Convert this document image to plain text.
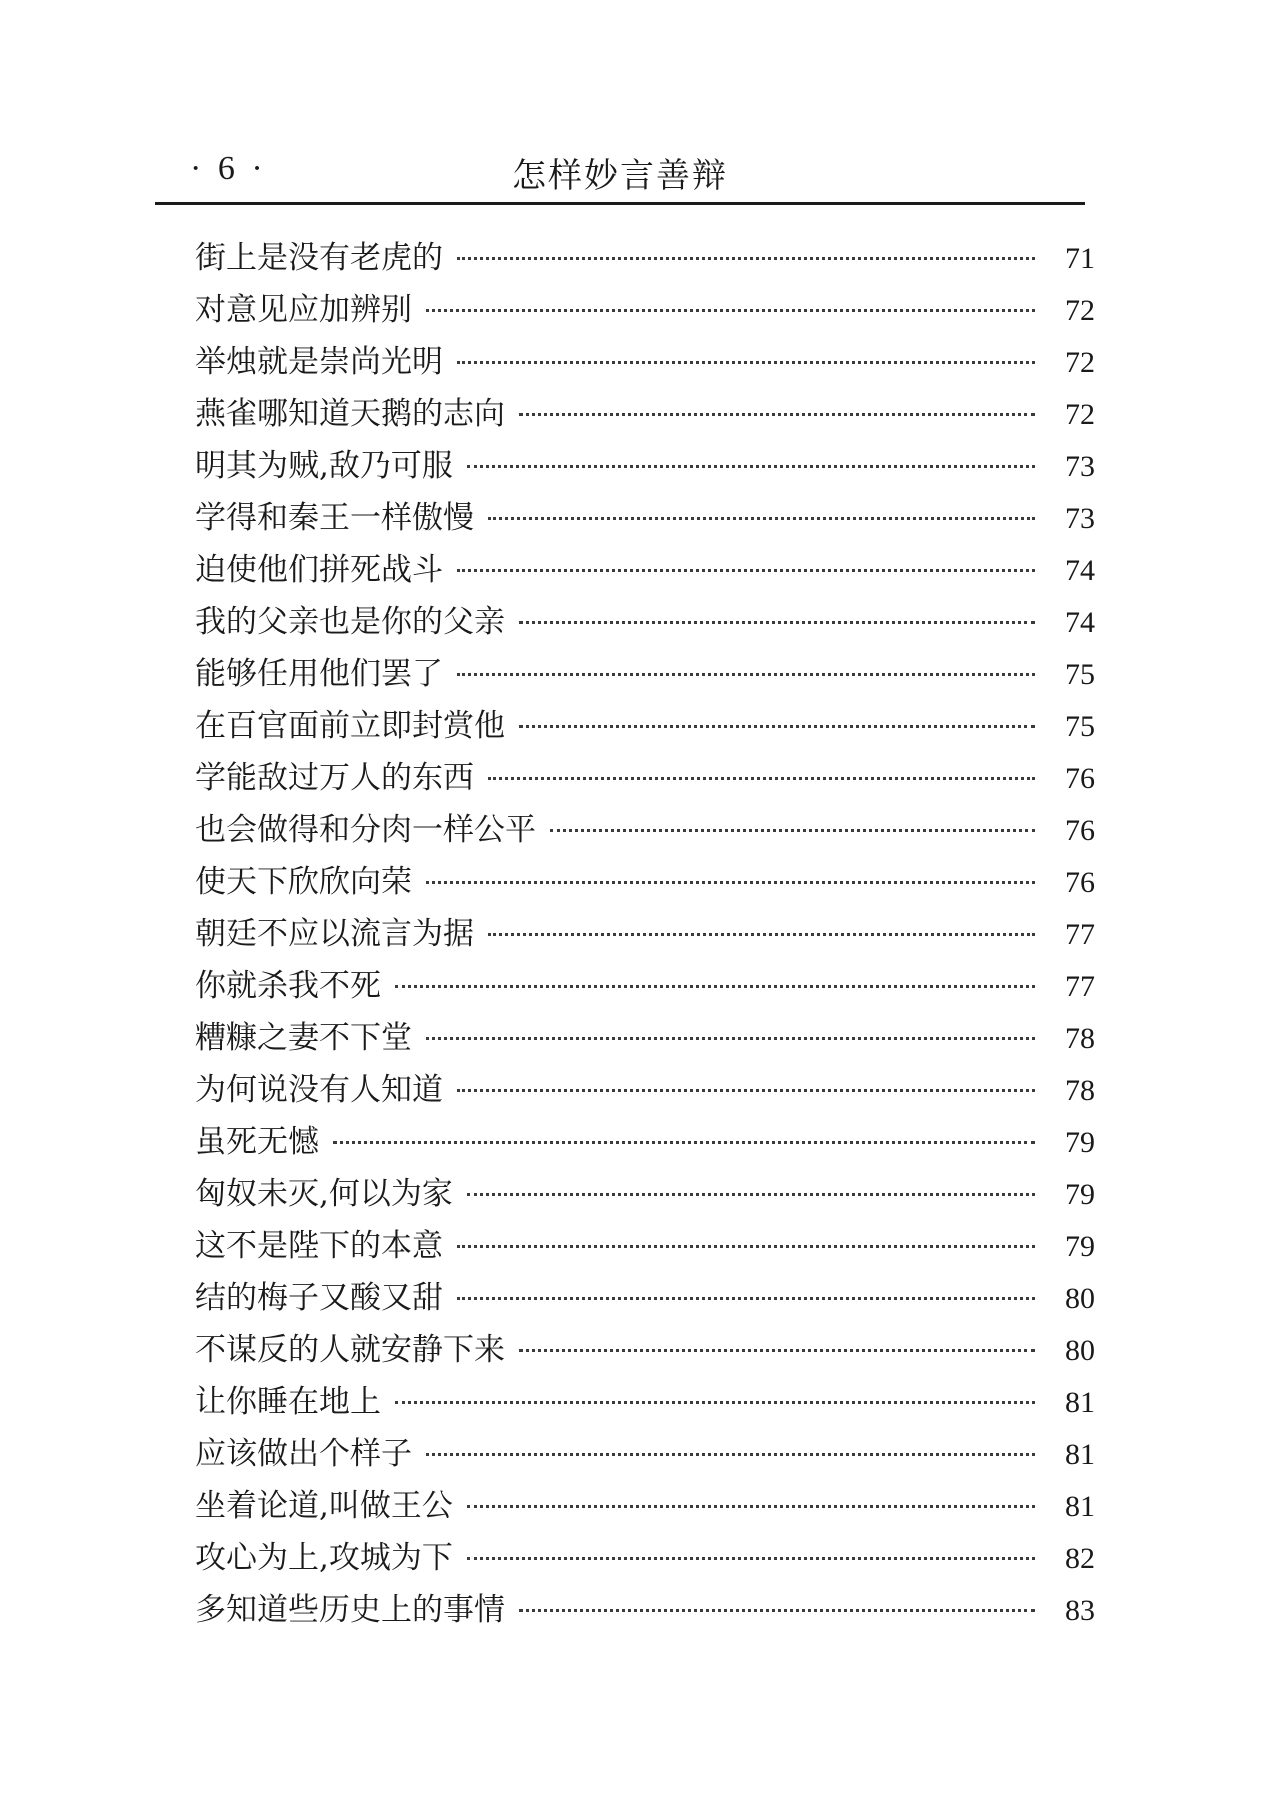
· 6 ·	怎样妙言善辩
街上是没有老虎的	71
对意见应加辨别	72
举烛就是崇尚光明	72
燕雀哪知道天鹅的志向	72
明其为贼,敌乃可服	73
学得和秦王一样傲慢	73
迫使他们拼死战斗	74
我的父亲也是你的父亲	74
能够任用他们罢了	75
在百官面前立即封赏他	75
学能敌过万人的东西	76
也会做得和分肉一样公平	76
使天下欣欣向荣	76
朝廷不应以流言为据	77
你就杀我不死	77
糟糠之妻不下堂	78
为何说没有人知道	78
虽死无憾	79
匈奴未灭,何以为家	79
这不是陛下的本意	79
结的梅子又酸又甜	80
不谋反的人就安静下来	80
让你睡在地上	81
应该做出个样子	81
坐着论道,叫做王公	81
攻心为上,攻城为下	82
多知道些历史上的事情	83
